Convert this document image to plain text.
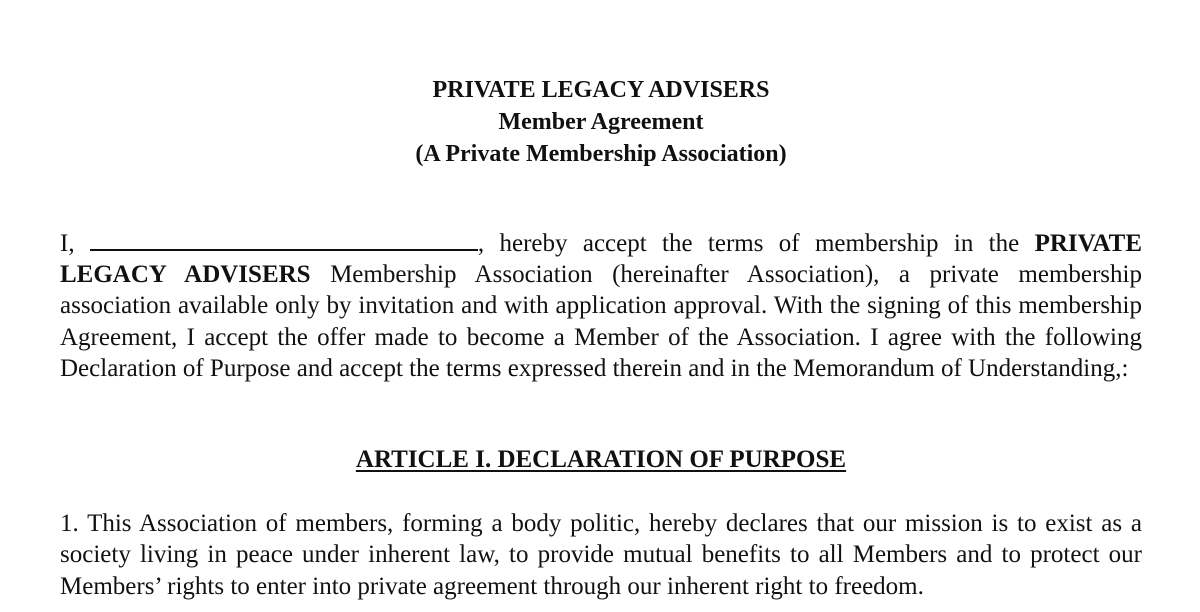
PRIVATE LEGACY ADVISERS
Member Agreement
(A Private Membership Association)
I,	, hereby accept the terms of membership in the PRIVATE LEGACY ADVISERS Membership Association (hereinafter Association), a private membership association available only by invitation and with application approval. With the signing of this membership Agreement, I accept the offer made to become a Member of the Association. I agree with the following Declaration of Purpose and accept the terms expressed therein and in the Memorandum of Understanding,:
ARTICLE I. DECLARATION OF PURPOSE
1. This Association of members, forming a body politic, hereby declares that our mission is to exist as a society living in peace under inherent law, to provide mutual benefits to all Members and to protect our Members’ rights to enter into private agreement through our inherent right to freedom.
